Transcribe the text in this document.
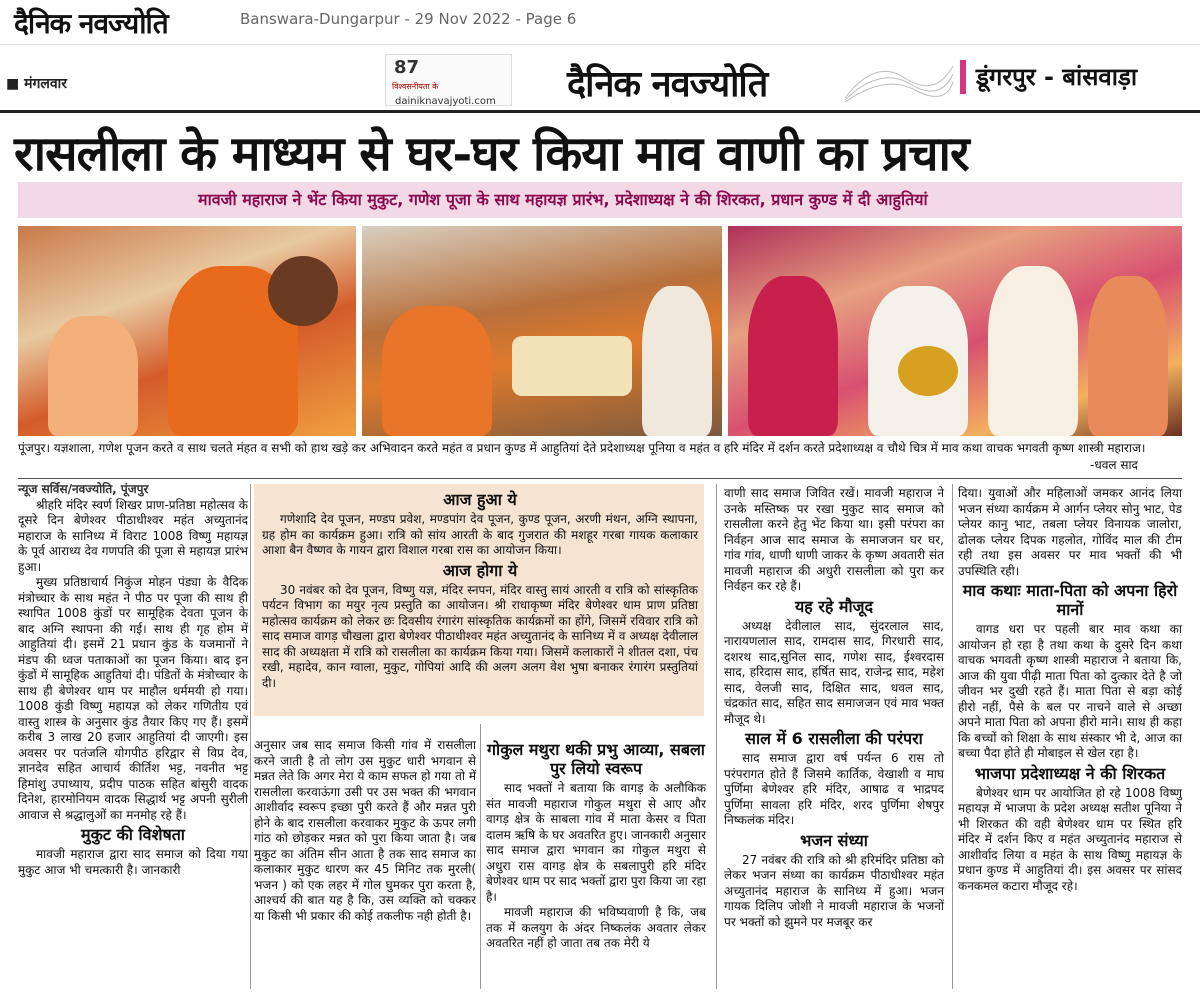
दैनिक नवज्योति	Banswara-Dungarpur - 29 Nov 2022 - Page 6
■ मंगलवार
87
विश्वसनीयता के
dainiknavajyoti.com दैनिक नवज्योति	डूंगरपुर - बांसवाड़ा
रासलीला के माध्यम से घर-घर किया माव वाणी का प्रचार
मावजी महाराज ने भेंट किया मुकुट, गणेश पूजा के साथ महायज्ञ प्रारंभ, प्रदेशाध्यक्ष ने की शिरकत, प्रधान कुण्ड में दी आहुतियां
पूंजपुर। यज्ञशाला, गणेश पूजन करते व साथ चलते मंहत व सभी को हाथ खड़े कर अभिवादन करते महंत व प्रधान कुण्ड में आहुतियां देते प्रदेशाध्यक्ष पूनिया व महंत व हरि मंदिर में दर्शन करते प्रदेशाध्यक्ष व चौथे चित्र में माव कथा वाचक भगवती कृष्ण शास्त्री महाराज।
-धवल साद
न्यूज सर्विस/नवज्योति, पूंजपुर

श्रीहरि मंदिर स्वर्ण शिखर प्राण-प्रतिष्ठा महोत्सव के दूसरे दिन बेणेश्वर पीठाधीश्वर महंत अच्युतानंद महाराज के सानिध्य में विराट 1008 विष्णु महायज्ञ के पूर्व आराध्य देव गणपति की पूजा से महायज्ञ प्रारंभ हुआ।

मुख्य प्रतिष्ठाचार्य निकुंज मोहन पंड्या के वैदिक मंत्रोच्चार के साथ महंत ने पीठ पर पूजा की साथ ही स्थापित 1008 कुंडों पर सामूहिक देवता पूजन के बाद अग्नि स्थापना की गई। साथ ही गृह होम में आहुतियां दी। इसमें 21 प्रधान कुंड के यजमानों ने मंडप की ध्वज पताकाओं का पूजन किया। बाद इन कुंडों में सामूहिक आहुतियां दी। पंडितों के मंत्रोच्चार के साथ ही बेणेश्वर धाम पर माहौल धर्ममयी हो गया। 1008 कुंडी विष्णु महायज्ञ को लेकर गणितीय एवं वास्तु शास्त्र के अनुसार कुंड तैयार किए गए हैं। इसमें करीब 3 लाख 20 हजार आहुतियां दी जाएगी। इस अवसर पर पतंजलि योगपीठ हरिद्वार से विप्र देव, ज्ञानदेव सहित आचार्य कीर्तिश भट्ट, नवनीत भट्ट हिमांशु उपाध्याय, प्रदीप पाठक सहित बांसुरी वादक दिनेश, हारमोनियम वादक सिद्धार्थ भट्ट अपनी सुरीली आवाज से श्रद्धालुओं का मनमोह रहे हैं।

मुकुट की विशेषता

मावजी महाराज द्वारा साद समाज को दिया गया मुकुट आज भी चमत्कारी है। जानकारी

आज हुआ ये

गणेशादि देव पूजन, मण्डप प्रवेश, मण्डपांग देव पूजन, कुण्ड पूजन, अरणी मंथन, अग्नि स्थापना, ग्रह होम का कार्यक्रम हुआ। रात्रि को सांय आरती के बाद गुजरात की मशहूर गरबा गायक कलाकार आशा बैन वैष्णव के गायन द्वारा विशाल गरबा रास का आयोजन किया।

आज होगा ये

30 नवंबर को देव पूजन, विष्णु यज्ञ, मंदिर स्नपन, मंदिर वास्तु सायं आरती व रात्रि को सांस्कृतिक पर्यटन विभाग का मयुर नृत्य प्रस्तुति का आयोजन। श्री राधाकृष्ण मंदिर बेणेश्वर धाम प्राण प्रतिष्ठा महोत्सव कार्यक्रम को लेकर छः दिवसीय रंगारंग सांस्कृतिक कार्यक्रमों का होंगे, जिसमें रविवार रात्रि को साद समाज वागड़ चौखला द्वारा बेणेश्वर पीठाधीश्वर महंत अच्युतानंद के सानिध्य में व अध्यक्ष देवीलाल साद की अध्यक्षता में रात्रि को रासलीला का कार्यक्रम किया गया। जिसमें कलाकारों ने शीतल दशा, पंच रखी, महादेव, कान ग्वाला, मुकुट, गोपियां आदि की अलग अलग वेश भुषा बनाकर रंगारंग प्रस्तुतियां दी।

अनुसार जब साद समाज किसी गांव में रासलीला करने जाती है तो लोग उस मुकुट धारी भगवान से मन्नत लेते कि अगर मेरा ये काम सफल हो गया तो में रासलीला करवाऊंगा उसी पर उस भक्त की भगवान आशीर्वाद स्वरूप इच्छा पुरी करते हैं और मन्नत पुरी होने के बाद रासलीला करवाकर मुकुट के ऊपर लगी गांठ को छोड़कर मन्नत को पुरा किया जाता है। जब मुकुट का अंतिम सीन आता है तक साद समाज का कलाकार मुकुट धारण कर 45 मिनिट तक मुरली( भजन ) को एक लहर में गोल घुमकर पुरा करता है, आश्चर्य की बात यह है कि, उस व्यक्ति को चक्कर या किसी भी प्रकार की कोई तकलीफ नही होती है।

गोकुल मथुरा थकी प्रभु आव्या, सबला पुर लियो स्वरूप

साद भक्तों ने बताया कि वागड़ के अलौकिक संत मावजी महाराज गोकुल मथुरा से आए और वागड़ क्षेत्र के साबला गांव में माता केसर व पिता दालम ऋषि के घर अवतरित हुए। जानकारी अनुसार साद समाज द्वारा भगवान का गोकुल मथुरा से अधुरा रास वागड़ क्षेत्र के सबलापुरी हरि मंदिर बेणेश्वर धाम पर साद भक्तों द्वारा पुरा किया जा रहा है।

मावजी महाराज की भविष्यवाणी है कि, जब तक में कलयुग के अंदर निष्कलंक अवतार लेकर अवतरित नहीं हो जाता तब तक मेरी ये

वाणी साद समाज जिवित रखें। मावजी महाराज ने उनके मस्तिष्क पर रखा मुकुट साद समाज को रासलीला करने हेतु भेंट किया था। इसी परंपरा का निर्वहन आज साद समाज के समाजजन घर घर, गांव गांव, धाणी धाणी जाकर के कृष्ण अवतारी संत मावजी महाराज की अधुरी रासलीला को पुरा कर निर्वहन कर रहे हैं।

यह रहे मौजूद

अध्यक्ष देवीलाल साद, सुंदरलाल साद, नारायणलाल साद, रामदास साद, गिरधारी साद, दशरथ साद,सुनिल साद, गणेश साद, ईश्वरदास साद, हरिदास साद, हर्षित साद, राजेन्द्र साद, महेश साद, वेलजी साद, दिक्षित साद, धवल साद, चंद्रकांत साद, सहित साद समाजजन एवं माव भक्त मौजूद थे।

साल में 6 रासलीला की परंपरा

साद समाज द्वारा वर्ष पर्यन्त 6 रास तो परंपरागत होते हैं जिसमे कार्तिक, वेखाशी व माघ पुर्णिमा बेणेश्वर हरि मंदिर, आषाढ व भाद्रपद पुर्णिमा सावला हरि मंदिर, शरद पुर्णिमा शेषपुर निष्कलंक मंदिर।

भजन संध्या

27 नवंबर की रात्रि को श्री हरिमंदिर प्रतिष्ठा को लेकर भजन संध्या का कार्यक्रम पीठाधीश्वर महंत अच्युतानंद महाराज के सानिध्य में हुआ। भजन गायक दिलिप जोशी ने मावजी महाराज के भजनों पर भक्तों को झुमने पर मजबूर कर

दिया। युवाओं और महिलाओं जमकर आनंद लिया भजन संध्या कार्यक्रम मे आर्गन प्लेयर सोनु भाट, पेड प्लेयर कानु भाट, तबला प्लेयर विनायक जालोरा, ढोलक प्लेयर दिपक गहलोत, गोविंद माल की टीम रही तथा इस अवसर पर माव भक्तों की भी उपस्थिति रही।

माव कथाः माता-पिता को अपना हिरो मानों

वागड धरा पर पहली बार माव कथा का आयोजन हो रहा है तथा कथा के दुसरे दिन कथा वाचक भगवती कृष्ण शास्त्री महाराज ने बताया कि, आज की युवा पीढ़ी माता पिता को दुत्कार देते है जो जीवन भर दुखी रहते हैं। माता पिता से बड़ा कोई हीरो नहीं, पैसे के बल पर नाचने वाले से अच्छा अपने माता पिता को अपना हीरो माने। साथ ही कहा कि बच्चों को शिक्षा के साथ संस्कार भी दे, आज का बच्चा पैदा होते ही मोबाइल से खेल रहा है।

भाजपा प्रदेशाध्यक्ष ने की शिरकत

बेणेश्वर धाम पर आयोजित हो रहे 1008 विष्णु महायज्ञ में भाजपा के प्रदेश अध्यक्ष सतीश पूनिया ने भी शिरकत की वही बेणेश्वर धाम पर स्थित हरि मंदिर में दर्शन किए व महंत अच्युतानंद महाराज से आशीर्वाद लिया व महंत के साथ विष्णु महायज्ञ के प्रधान कुण्ड में आहुतियां दी। इस अवसर पर सांसद कनकमल कटारा मौजूद रहे।
